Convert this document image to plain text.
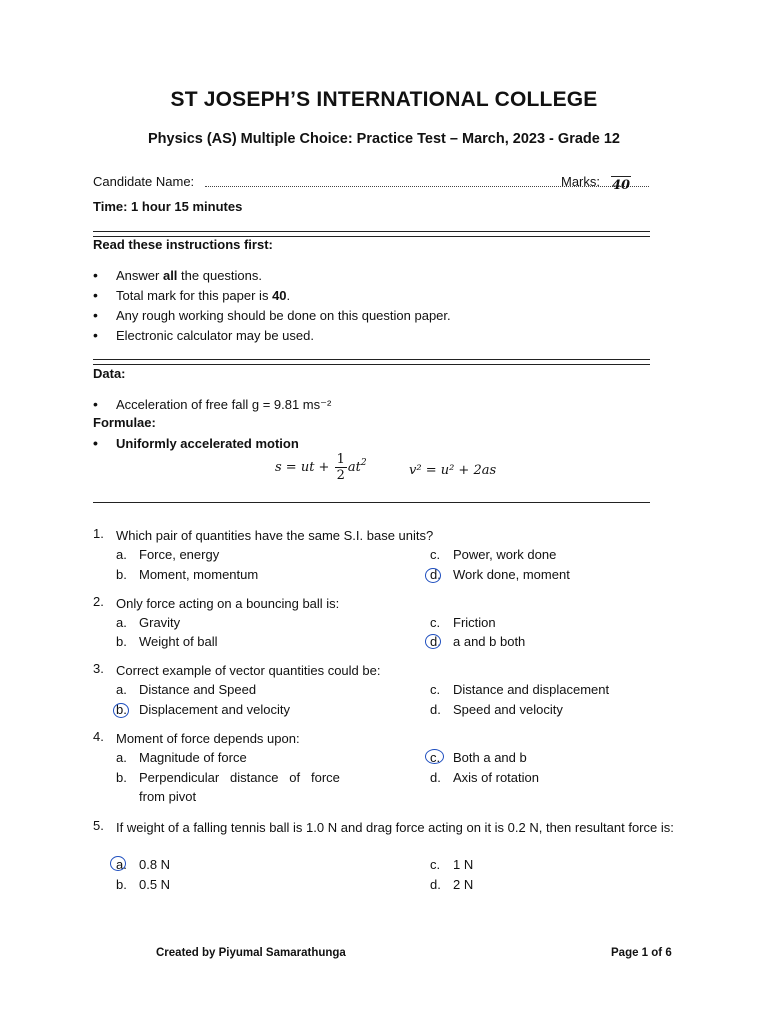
ST JOSEPH’S INTERNATIONAL COLLEGE
Physics (AS) Multiple Choice: Practice Test – March, 2023 - Grade 12
Candidate Name:	Marks: 40
Time: 1 hour 15 minutes
Read these instructions first:
• Answer all the questions.
• Total mark for this paper is 40.
• Any rough working should be done on this question paper.
• Electronic calculator may be used.
Data:
• Acceleration of free fall g = 9.81 ms⁻²
Formulae:
• Uniformly accelerated motion
s = ut + $\frac{1}{2} at^2$	v² = u² + 2as
1. Which pair of quantities have the same S.I. base units?
a. Force, energy
b. Moment, momentum
c. Power, work done
d. Work done, moment
2. Only force acting on a bouncing ball is:
a. Gravity
b. Weight of ball
c. Friction
d. a and b both
3. Correct example of vector quantities could be:
a. Distance and Speed
b. Displacement and velocity
c. Distance and displacement
d. Speed and velocity
4. Moment of force depends upon:
a. Magnitude of force
b. Perpendicular   distance   of   force
from pivot
c. Both a and b
d. Axis of rotation
5. If weight of a falling tennis ball is 1.0 N and drag force acting on it is 0.2 N, then resultant force is:
a. 0.8 N
b. 0.5 N
c. 1 N
d. 2 N
Created by Piyumal Samarathunga	Page 1 of 6
